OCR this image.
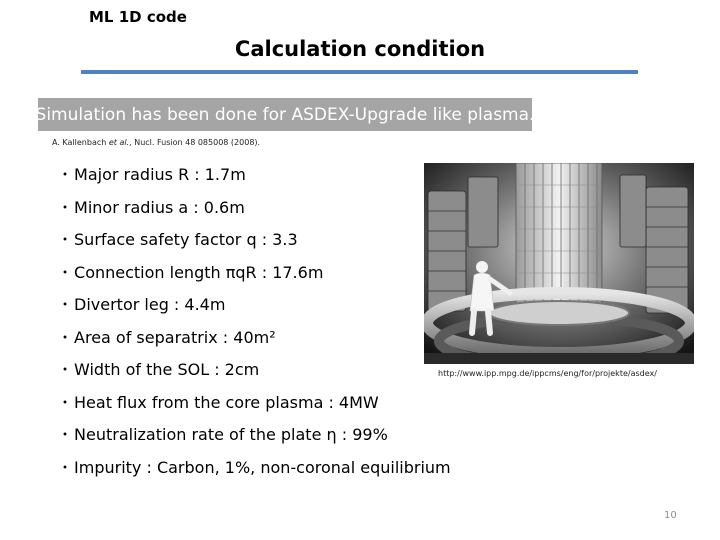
ML 1D code
Calculation condition
Simulation has been done for ASDEX-Upgrade like plasma.
A. Kallenbach et al., Nucl. Fusion 48 085008 (2008).
・ Major radius R : 1.7m
・ Minor radius a : 0.6m
・ Surface safety factor q : 3.3
・ Connection length πqR : 17.6m
・ Divertor leg : 4.4m
・ Area of separatrix : 40m²
・ Width of the SOL : 2cm
・ Heat flux from the core plasma : 4MW
・ Neutralization rate of the plate η : 99%
・ Impurity : Carbon, 1%, non-coronal equilibrium
http://www.ipp.mpg.de/ippcms/eng/for/projekte/asdex/
10
